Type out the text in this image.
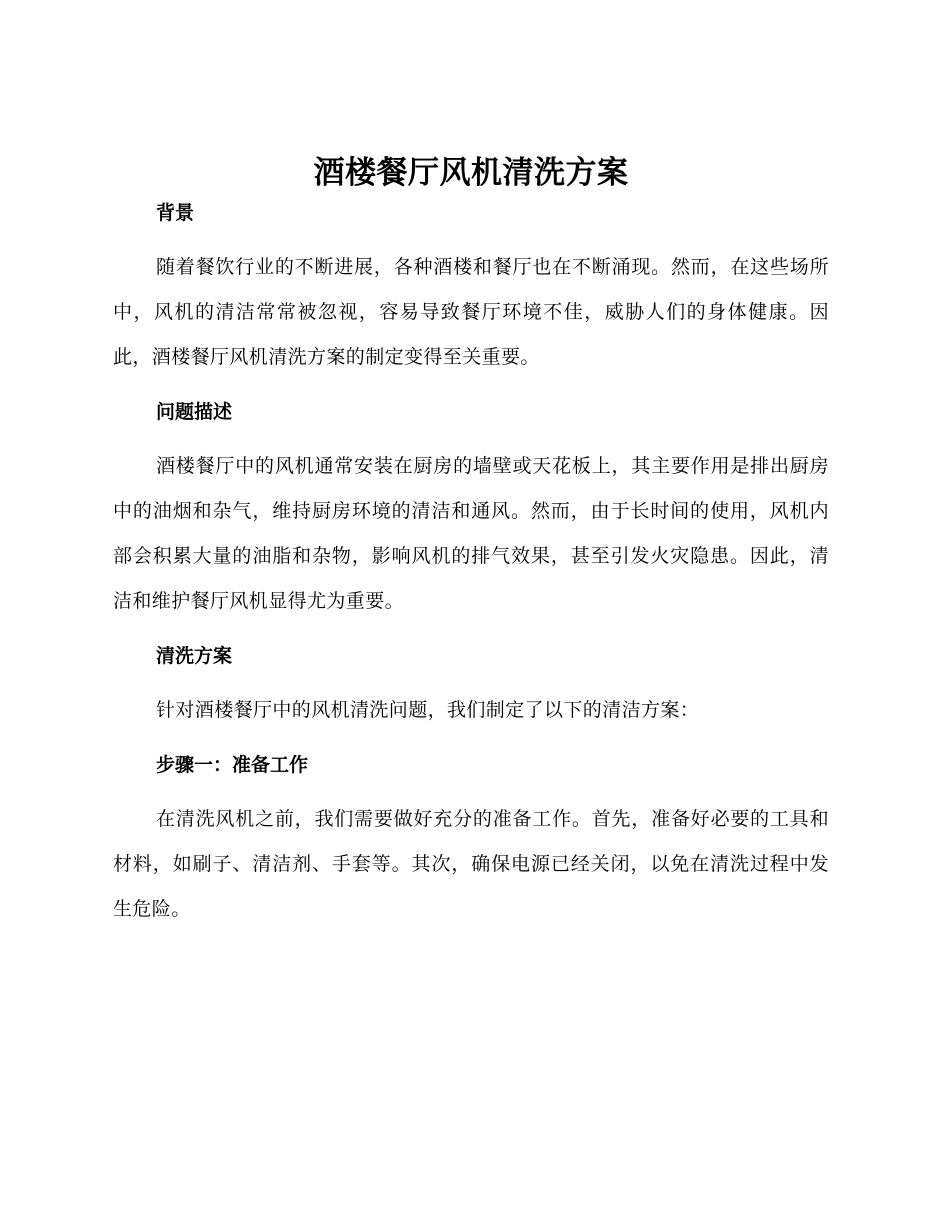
酒楼餐厅风机清洗方案
背景

随着餐饮行业的不断进展，各种酒楼和餐厅也在不断涌现。然而，在这些场所中，风机的清洁常常被忽视，容易导致餐厅环境不佳，威胁人们的身体健康。因此，酒楼餐厅风机清洗方案的制定变得至关重要。

问题描述

酒楼餐厅中的风机通常安装在厨房的墙壁或天花板上，其主要作用是排出厨房中的油烟和杂气，维持厨房环境的清洁和通风。然而，由于长时间的使用，风机内部会积累大量的油脂和杂物，影响风机的排气效果，甚至引发火灾隐患。因此，清洁和维护餐厅风机显得尤为重要。

清洗方案

针对酒楼餐厅中的风机清洗问题，我们制定了以下的清洁方案：

步骤一：准备工作

在清洗风机之前，我们需要做好充分的准备工作。首先，准备好必要的工具和材料，如刷子、清洁剂、手套等。其次，确保电源已经关闭，以免在清洗过程中发生危险。
